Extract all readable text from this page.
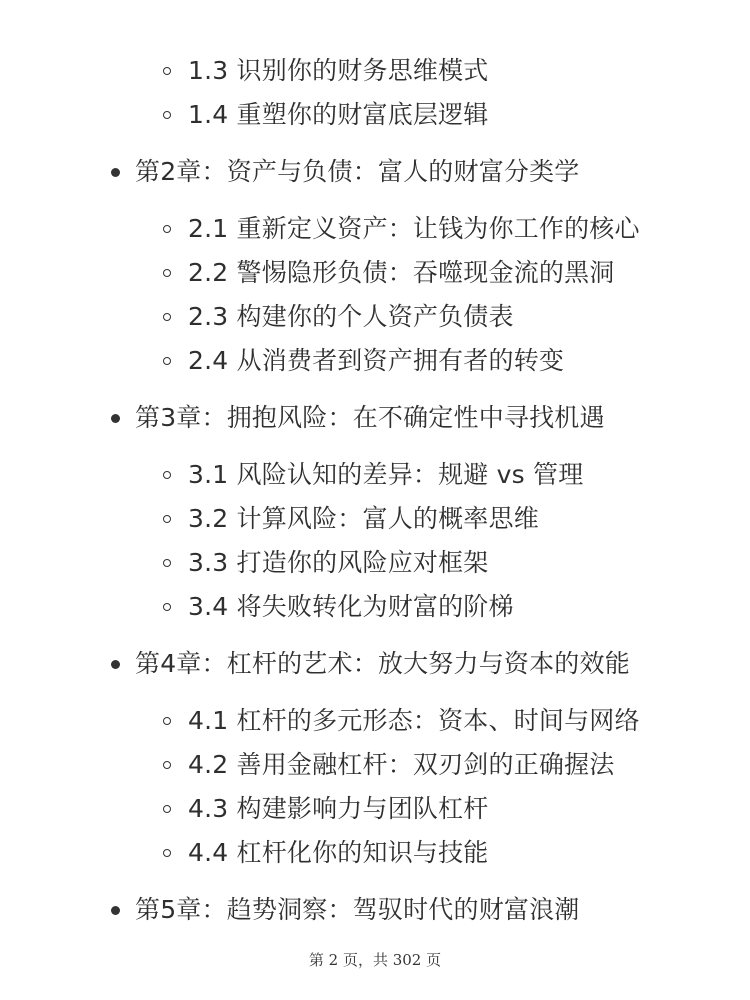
1.3 识别你的财务思维模式
1.4 重塑你的财富底层逻辑
第2章：资产与负债：富人的财富分类学
2.1 重新定义资产：让钱为你工作的核心
2.2 警惕隐形负债：吞噬现金流的黑洞
2.3 构建你的个人资产负债表
2.4 从消费者到资产拥有者的转变
第3章：拥抱风险：在不确定性中寻找机遇
3.1 风险认知的差异：规避 vs 管理
3.2 计算风险：富人的概率思维
3.3 打造你的风险应对框架
3.4 将失败转化为财富的阶梯
第4章：杠杆的艺术：放大努力与资本的效能
4.1 杠杆的多元形态：资本、时间与网络
4.2 善用金融杠杆：双刃剑的正确握法
4.3 构建影响力与团队杠杆
4.4 杠杆化你的知识与技能
第5章：趋势洞察：驾驭时代的财富浪潮
第 2 页，共 302 页
